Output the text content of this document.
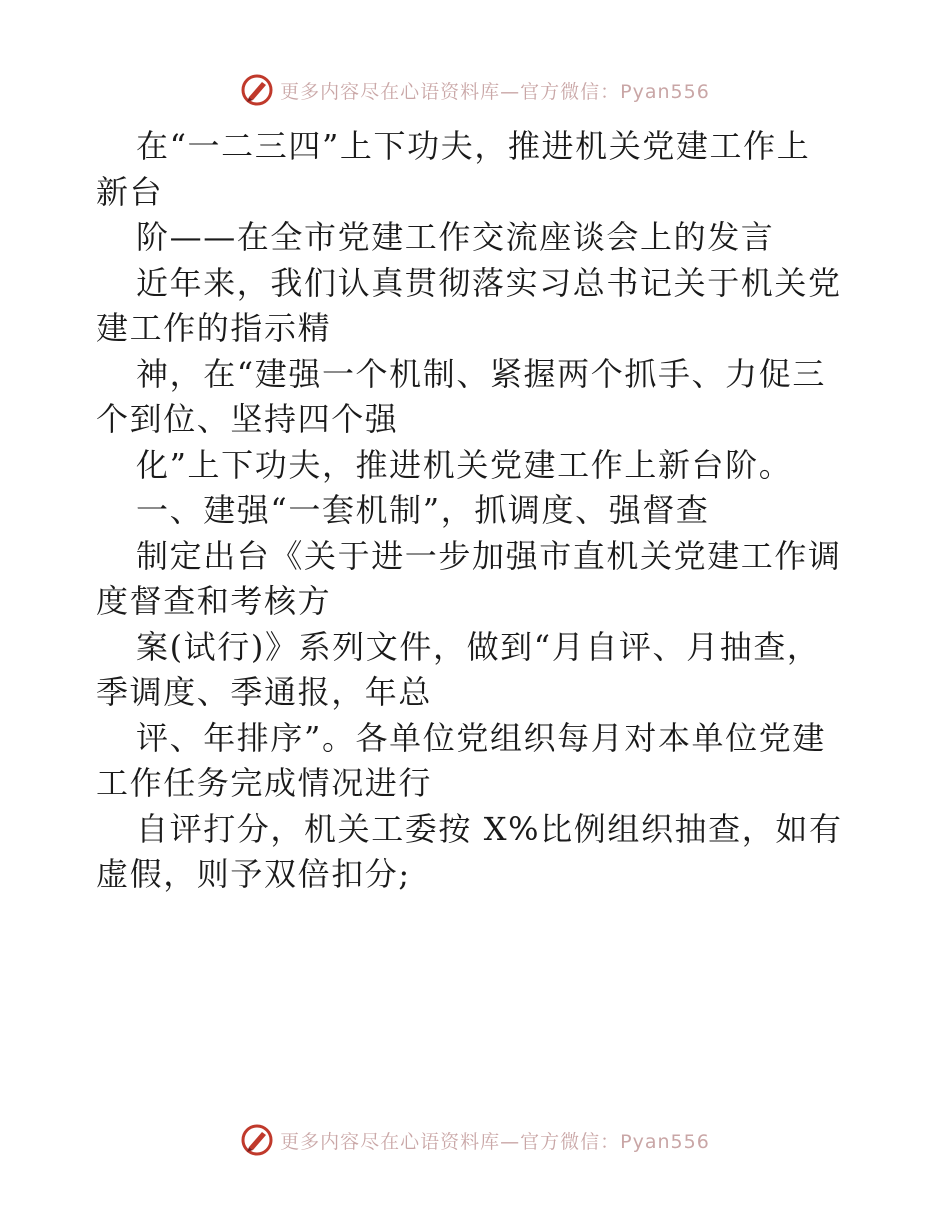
更多内容尽在心语资料库—官方微信：Pyan556
在“一二三四”上下功夫，推进机关党建工作上
新台
阶——在全市党建工作交流座谈会上的发言
近年来，我们认真贯彻落实习总书记关于机关党
建工作的指示精
神，在“建强一个机制、紧握两个抓手、力促三
个到位、坚持四个强
化”上下功夫，推进机关党建工作上新台阶。
一、建强“一套机制”，抓调度、强督查
制定出台《关于进一步加强市直机关党建工作调
度督查和考核方
案(试行)》系列文件，做到“月自评、月抽查，
季调度、季通报，年总
评、年排序”。各单位党组织每月对本单位党建
工作任务完成情况进行
自评打分，机关工委按 X%比例组织抽查，如有
虚假，则予双倍扣分;
更多内容尽在心语资料库—官方微信：Pyan556
